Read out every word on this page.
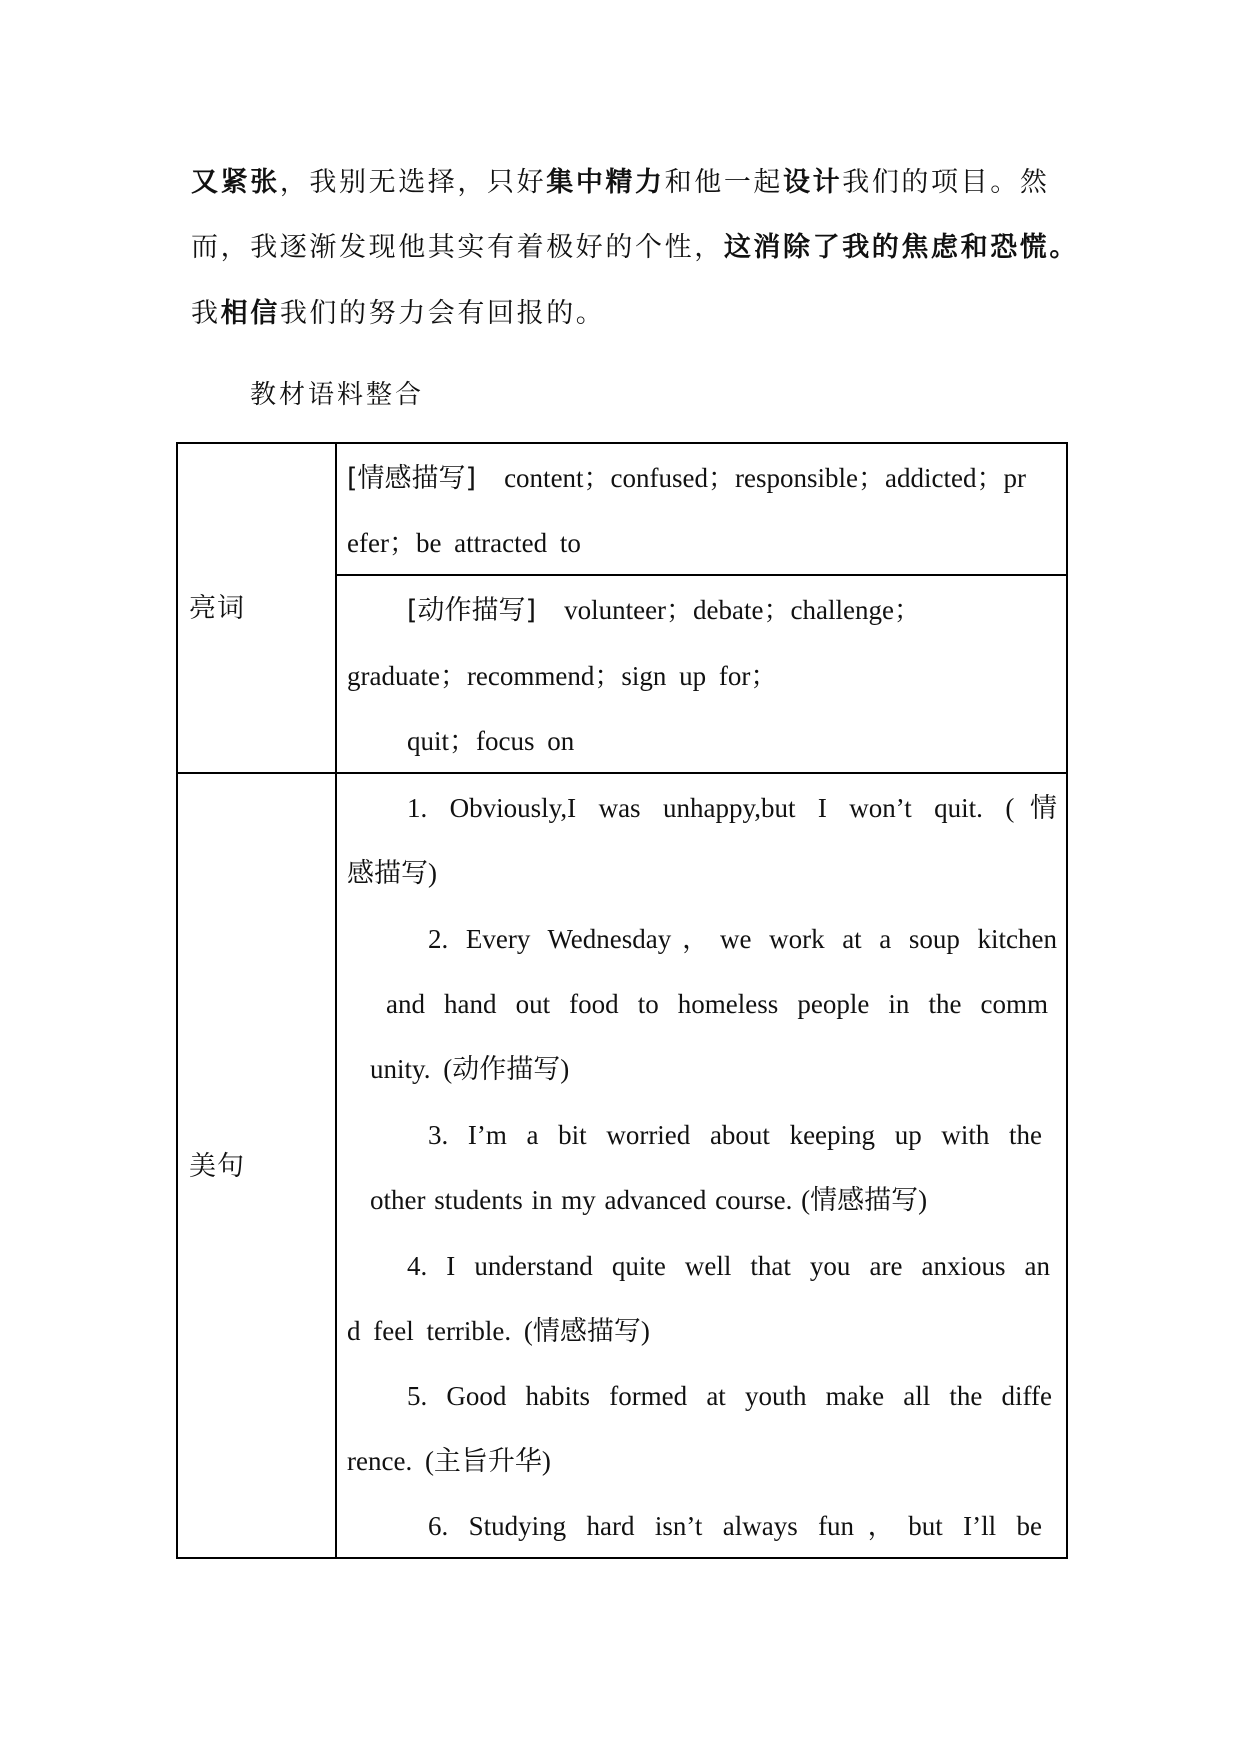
又紧张，我别无选择，只好集中精力和他一起设计我们的项目。然
而，我逐渐发现他其实有着极好的个性，这消除了我的焦虑和恐慌。
我相信我们的努力会有回报的。
教材语料整合
亮词
[情感描写] content；confused；responsible；addicted；pr
efer；be attracted to
[动作描写] volunteer；debate；challenge；
graduate；recommend；sign up for；
quit；focus on
美句
1. Obviously,I was unhappy,but I won’t quit. (情
感描写)
2. Every Wednesday，we work at a soup kitchen
and hand out food to homeless people in the comm
unity. (动作描写)
3. I’m a bit worried about keeping up with the
other students in my advanced course. (情感描写)
4. I understand quite well that you are anxious an
d feel terrible. (情感描写)
5. Good habits formed at youth make all the diffe
rence. (主旨升华)
6. Studying hard isn’t always fun，but I’ll be
